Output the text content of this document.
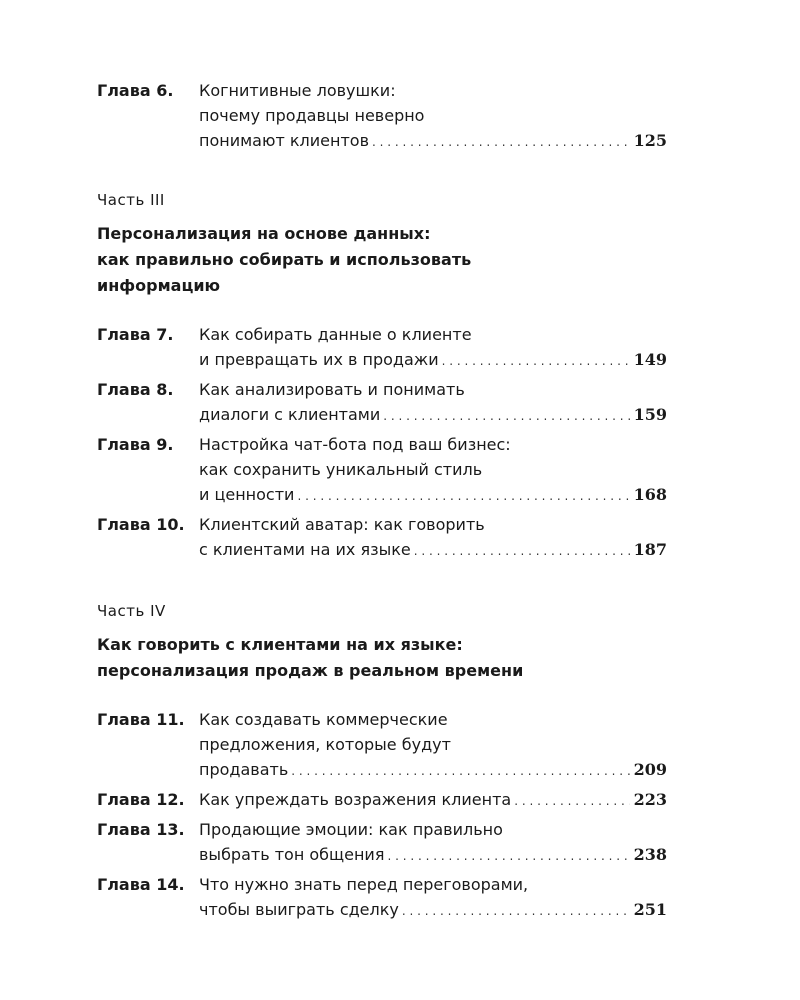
Глава 6. Когнитивные ловушки:
почему продавцы неверно
понимают клиентов . . .	125
Часть III
Персонализация на основе данных:
как правильно собирать и использовать
информацию
Глава 7. Как собирать данные о клиенте
и превращать их в продажи . . .	149
Глава 8. Как анализировать и понимать
диалоги с клиентами . . .	159
Глава 9. Настройка чат-бота под ваш бизнес:
как сохранить уникальный стиль
и ценности . . .	168
Глава 10. Клиентский аватар: как говорить
с клиентами на их языке . . .	187
Часть IV
Как говорить с клиентами на их языке:
персонализация продаж в реальном времени
Глава 11. Как создавать коммерческие
предложения, которые будут
продавать . . .	209
Глава 12. Как упреждать возражения клиента . . .	223
Глава 13. Продающие эмоции: как правильно
выбрать тон общения . . .	238
Глава 14. Что нужно знать перед переговорами,
чтобы выиграть сделку . . .	251
